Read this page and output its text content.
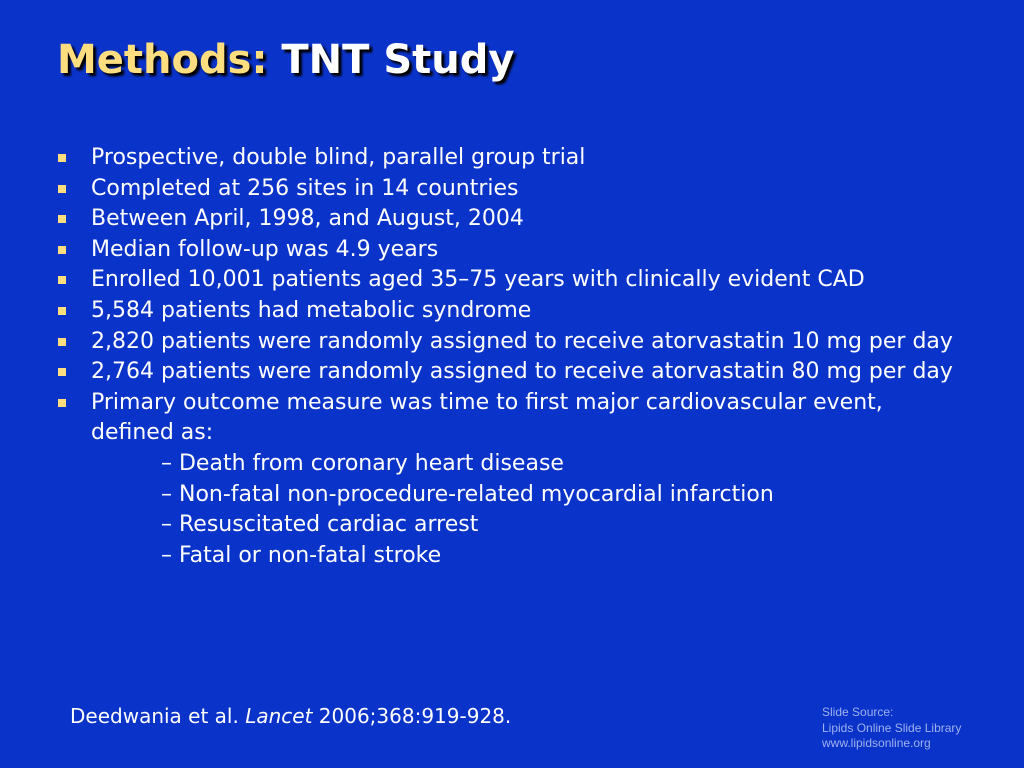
Methods: TNT Study
Prospective, double blind, parallel group trial
Completed at 256 sites in 14 countries
Between April, 1998, and August, 2004
Median follow-up was 4.9 years
Enrolled 10,001 patients aged 35–75 years with clinically evident CAD
5,584 patients had metabolic syndrome
2,820 patients were randomly assigned to receive atorvastatin 10 mg per day
2,764 patients were randomly assigned to receive atorvastatin 80 mg per day
Primary outcome measure was time to first major cardiovascular event, defined as:
– Death from coronary heart disease
– Non-fatal non-procedure-related myocardial infarction
– Resuscitated cardiac arrest
– Fatal or non-fatal stroke
Deedwania et al. Lancet 2006;368:919-928.	Slide Source:
Lipids Online Slide Library
www.lipidsonline.org
